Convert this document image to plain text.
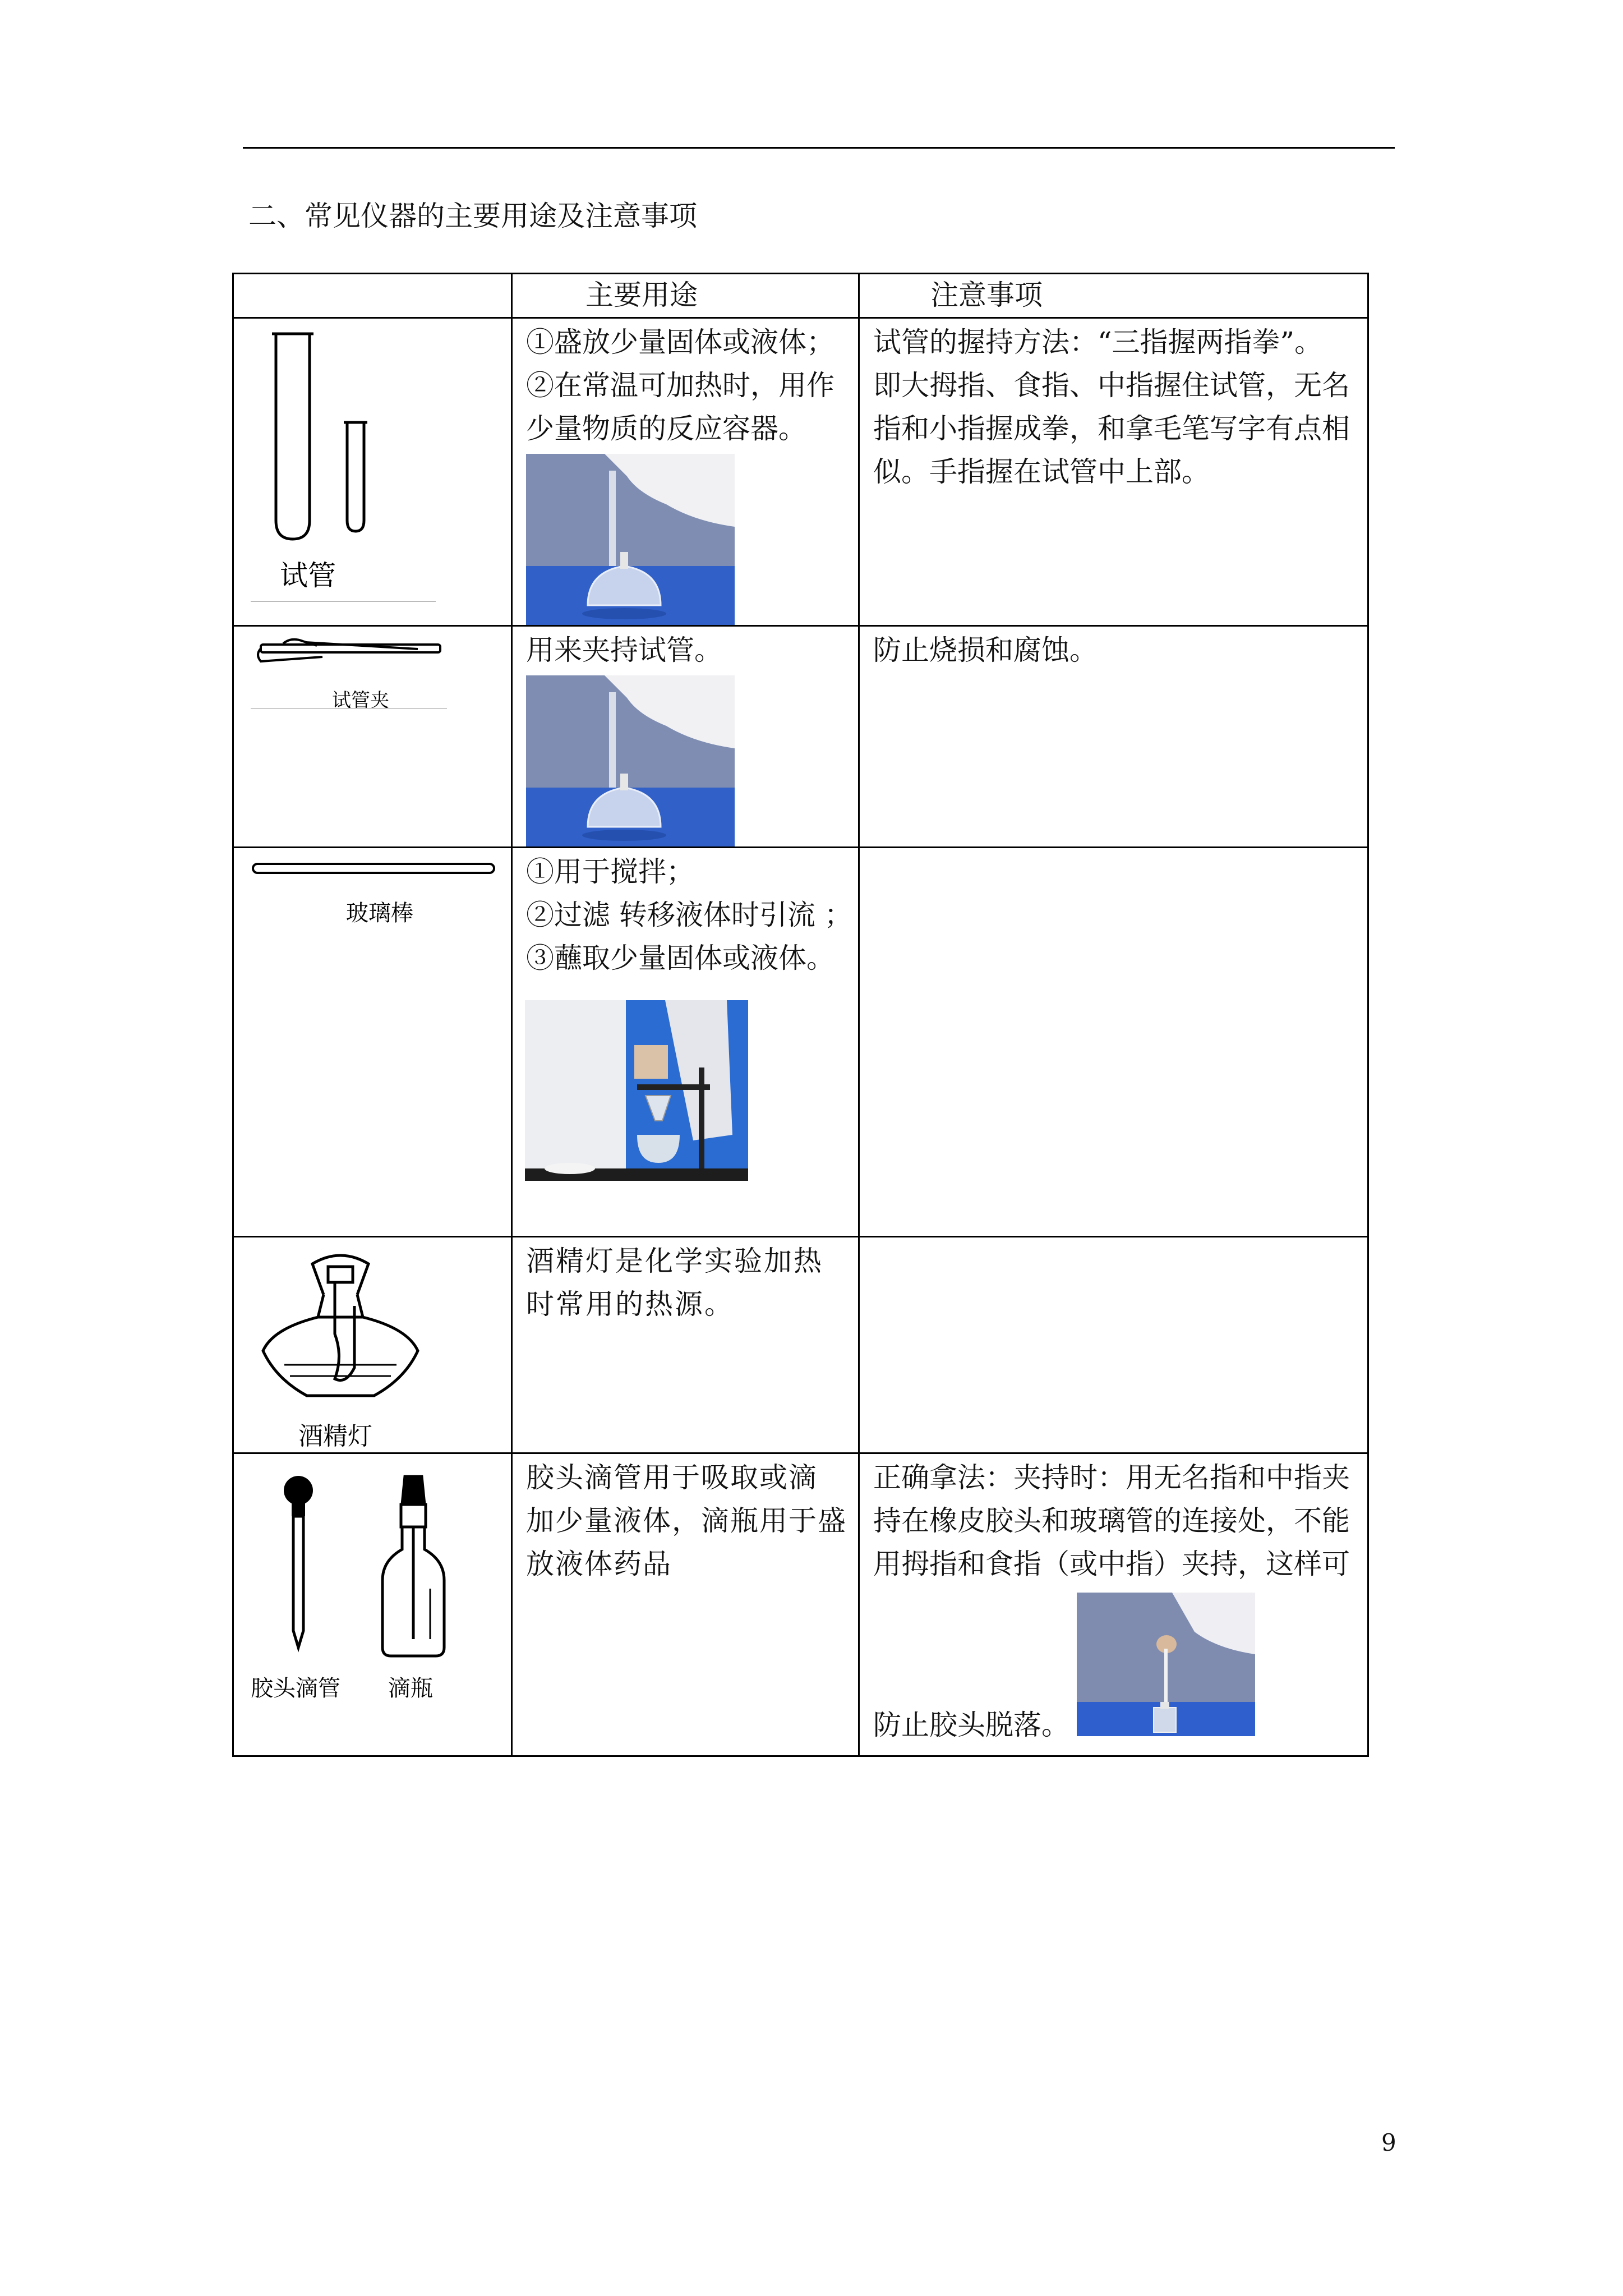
二、常见仪器的主要用途及注意事项
	主要用途	注意事项

试管	①盛放少量固体或液体；
②在常温可加热时，用作
少量物质的反应容器。	试管的握持方法：“三指握两指拳”。
即大拇指、食指、中指握住试管，无名
指和小指握成拳，和拿毛笔写字有点相
似。手指握在试管中上部。

试管夹	用来夹持试管。	防止烧损和腐蚀。

玻璃棒	①用于搅拌；
②过滤 转移液体时引流 ；
③蘸取少量固体或液体。	

酒精灯	酒精灯是化学实验加热
时常用的热源。	

胶头滴管 滴瓶	胶头滴管用于吸取或滴
加少量液体，滴瓶用于盛
放液体药品	正确拿法：夹持时：用无名指和中指夹
持在橡皮胶头和玻璃管的连接处，不能
用拇指和食指（或中指）夹持，这样可
防止胶头脱落。
9
